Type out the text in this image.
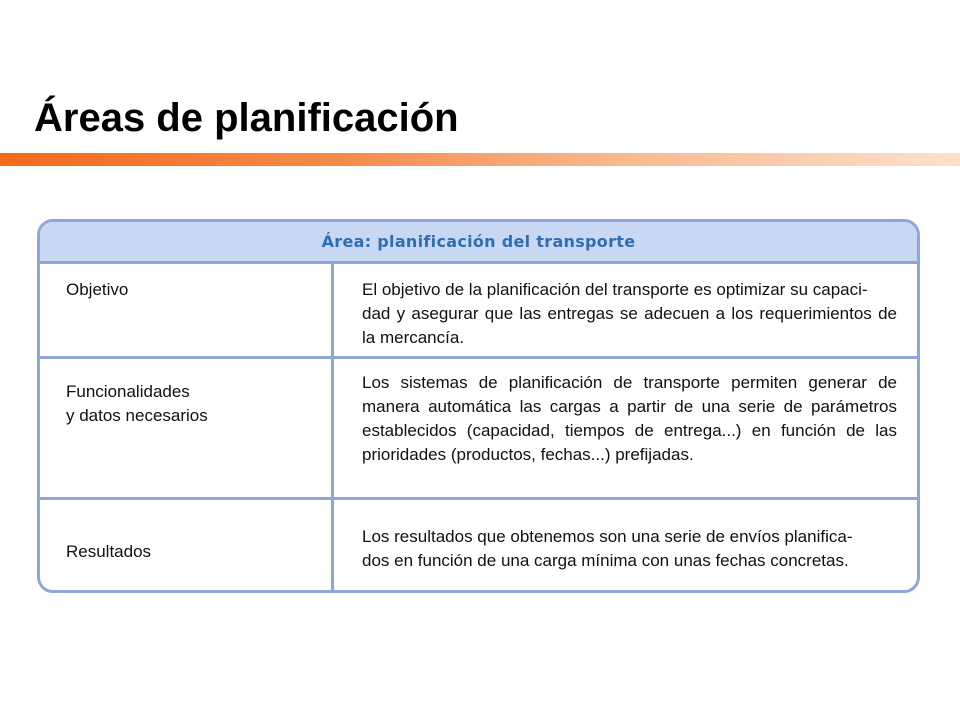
Áreas de planificación
Área: planificación del transporte
Objetivo	El objetivo de la planificación del transporte es optimizar su capaci-
dad y asegurar que las entregas se adecuen a los requerimientos de la mercancía.
Funcionalidades
y datos necesarios
Los sistemas de planificación de transporte permiten generar de manera automática las cargas a partir de una serie de parámetros establecidos (capacidad, tiempos de entrega...) en función de las prioridades (productos, fechas...) prefijadas.
Resultados
Los resultados que obtenemos son una serie de envíos planifica-
dos en función de una carga mínima con unas fechas concretas.
